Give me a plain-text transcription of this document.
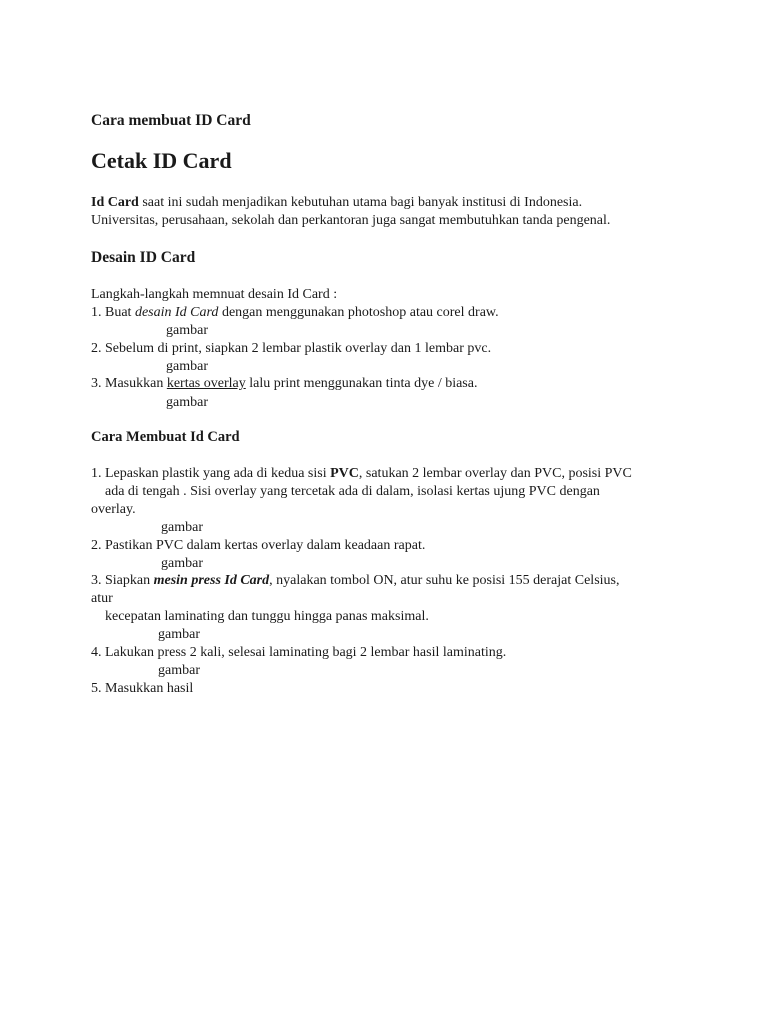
Cara membuat ID Card
Cetak ID Card
Id Card saat ini sudah menjadikan kebutuhan utama bagi banyak institusi di Indonesia.
Universitas, perusahaan, sekolah dan perkantoran juga sangat membutuhkan tanda pengenal.
Desain ID Card
Langkah-langkah memnuat desain Id Card :
1. Buat desain Id Card dengan menggunakan photoshop atau corel draw.
gambar
2. Sebelum di print, siapkan 2 lembar plastik overlay dan 1 lembar pvc.
gambar
3. Masukkan kertas overlay lalu print menggunakan tinta dye / biasa.
gambar
Cara Membuat Id Card
1. Lepaskan plastik yang ada di kedua sisi PVC, satukan 2 lembar overlay dan PVC, posisi PVC
ada di tengah . Sisi overlay yang tercetak ada di dalam, isolasi kertas ujung PVC dengan
overlay.
gambar
2. Pastikan PVC dalam kertas overlay dalam keadaan rapat.
gambar
3. Siapkan mesin press Id Card, nyalakan tombol ON, atur suhu ke posisi 155 derajat Celsius,
atur
kecepatan laminating dan tunggu hingga panas maksimal.
gambar
4. Lakukan press 2 kali, selesai laminating bagi 2 lembar hasil laminating.
gambar
5. Masukkan hasil
